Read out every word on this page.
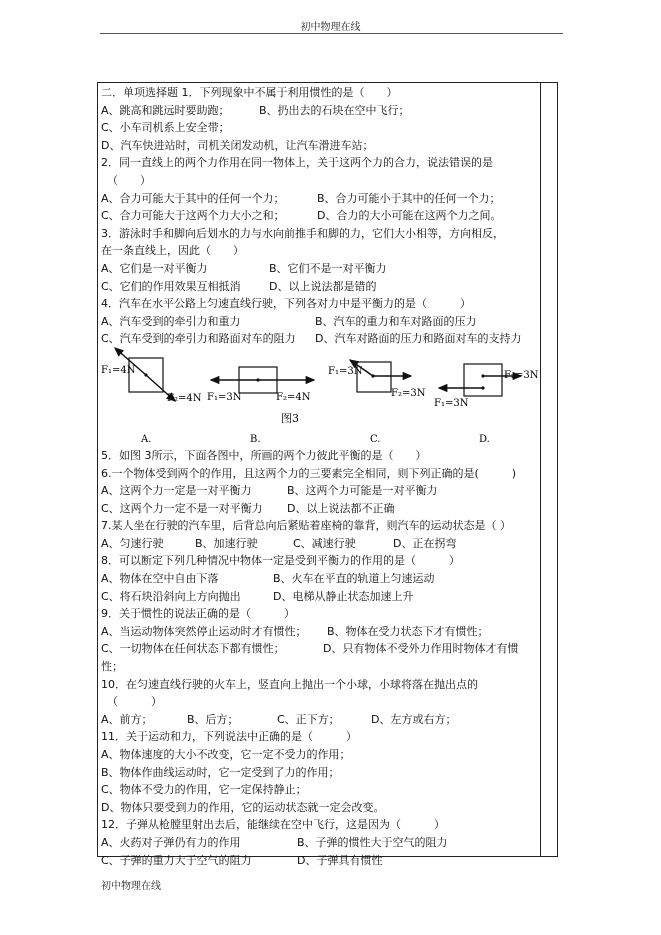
初中物理在线
二．单项选择题 1．下列现象中不属于利用惯性的是（　　）
A、跳高和跳远时要助跑；	B、扔出去的石块在空中飞行；
C、小车司机系上安全带；
D、汽车快进站时，司机关闭发动机，让汽车滑进车站；
2．同一直线上的两个力作用在同一物体上，关于这两个力的合力，说法错误的是
（　　）
A、合力可能大于其中的任何一个力；	B、合力可能小于其中的任何一个力；
C、合力可能大于这两个力大小之和；	D、合力的大小可能在这两个力之间。
3．游泳时手和脚向后划水的力与水向前推手和脚的力，它们大小相等，方向相反，
在一条直线上，因此（　　）
A、它们是一对平衡力	B、它们不是一对平衡力
C、它们的作用效果互相抵消	D、以上说法都是错的
4．汽车在水平公路上匀速直线行驶，下列各对力中是平衡力的是（　　　）
A、汽车受到的牵引力和重力	B、汽车的重力和车对路面的压力
C、汽车受到的牵引力和路面对车的阻力 D、汽车对路面的压力和路面对车的支持力
F₁=4N
F₂=4N
A.
F₁=3N	F₂=4N
B.
F₁=3N
F₂=3N
C.
F₁=3N
F₂=3N
D.
图3
5．如图 3所示，下面各图中，所画的两个力彼此平衡的是（　　）
6.一个物体受到两个的作用，且这两个力的三要素完全相同，则下列正确的是(　　　)
A、这两个力一定是一对平衡力	B、这两个力可能是一对平衡力
C、这两个力一定不是一对平衡力 D、以上说法都不正确
7.某人坐在行驶的汽车里，后背总向后紧贴着座椅的靠背，则汽车的运动状态是（ ）
A、匀速行驶	B、加速行驶	C、减速行驶	D、正在拐弯
8．可以断定下列几种情况中物体一定是受到平衡力的作用的是（　　　）
A、物体在空中自由下落	B、火车在平直的轨道上匀速运动
C、将石块沿斜向上方向抛出	D、电梯从静止状态加速上升
9．关于惯性的说法正确的是（　　　）
A、当运动物体突然停止运动时才有惯性； B、物体在受力状态下才有惯性；
C、一切物体在任何状态下都有惯性；	D、只有物体不受外力作用时物体才有惯
性；
10．在匀速直线行驶的火车上，竖直向上抛出一个小球，小球将落在抛出点的
（　　　）
A、前方；	B、后方；	C、正下方；	D、左方或右方；
11．关于运动和力，下列说法中正确的是（　　　）
A、物体速度的大小不改变，它一定不受力的作用；
B、物体作曲线运动时，它一定受到了力的作用；
C、物体不受力的作用，它一定保持静止；
D、物体只要受到力的作用，它的运动状态就一定会改变。
12．子弹从枪膛里射出去后，能继续在空中飞行，这是因为（　　　）
A、火药对子弹仍有力的作用	B、子弹的惯性大于空气的阻力
C、子弹的重力大于空气的阻力	D、子弹具有惯性
初中物理在线
